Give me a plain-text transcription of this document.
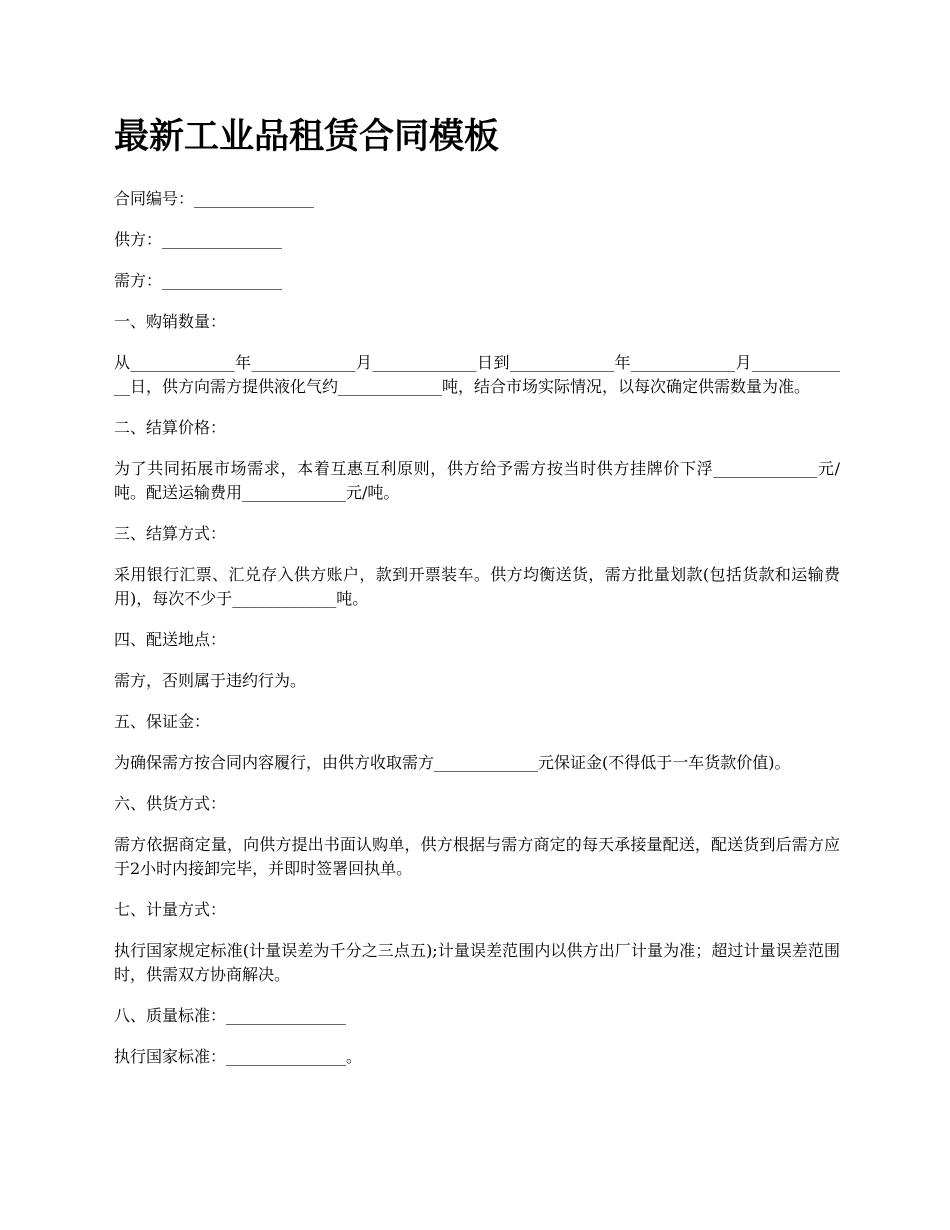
最新工业品租赁合同模板

合同编号：_______________

供方：_______________

需方：_______________

一、购销数量：

从_____________年_____________月_____________日到_____________年_____________月_____________日，供方向需方提供液化气约_____________吨，结合市场实际情况，以每次确定供需数量为准。

二、结算价格：

为了共同拓展市场需求，本着互惠互利原则，供方给予需方按当时供方挂牌价下浮_____________元/吨。配送运输费用_____________元/吨。

三、结算方式：

采用银行汇票、汇兑存入供方账户，款到开票装车。供方均衡送货，需方批量划款(包括货款和运输费用)，每次不少于_____________吨。

四、配送地点：

需方，否则属于违约行为。

五、保证金：

为确保需方按合同内容履行，由供方收取需方_____________元保证金(不得低于一车货款价值)。

六、供货方式：

需方依据商定量，向供方提出书面认购单，供方根据与需方商定的每天承接量配送，配送货到后需方应于2小时内接卸完毕，并即时签署回执单。

七、计量方式：

执行国家规定标准(计量误差为千分之三点五);计量误差范围内以供方出厂计量为准；超过计量误差范围时，供需双方协商解决。

八、质量标准：_______________

执行国家标准：_______________。
